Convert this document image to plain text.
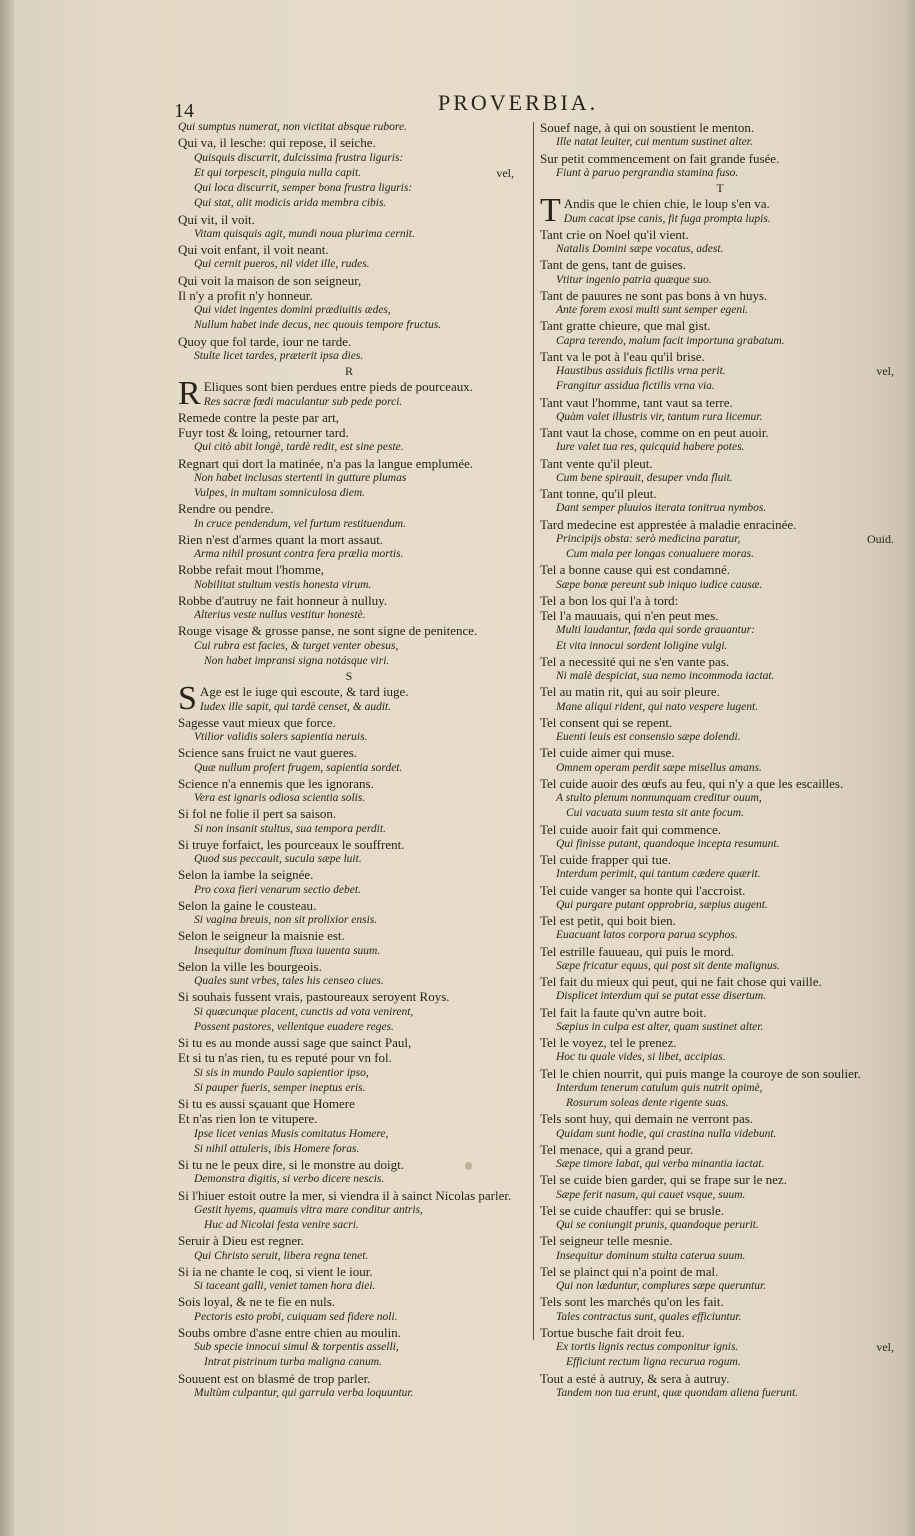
14	PROVERBIA.
Qui sumptus numerat, non victitat absque rubore.
Qui va, il lesche: qui repose, il seiche.
Quisquis discurrit, dulcissima frustra liguris:
vel,
Et qui torpescit, pinguia nulla capit.
Qui loca discurrit, semper bona frustra liguris:
Qui stat, alit modicis arida membra cibis.
Qui vit, il voit.
Vitam quisquis agit, mundi noua plurima cernit.
Qui voit enfant, il voit neant.
Qui cernit pueros, nil videt ille, rudes.
Qui voit la maison de son seigneur,
Il n'y a profit n'y honneur.
Qui videt ingentes domini prædiuitis ædes,
Nullum habet inde decus, nec quouis tempore fructus.
Quoy que fol tarde, iour ne tarde.
Stulte licet tardes, præterit ipsa dies.
R
R Eliques sont bien perdues entre pieds de pourceaux.
Res sacræ fœdi maculantur sub pede porci.
Remede contre la peste par art,
Fuyr tost & loing, retourner tard.
Qui citò abit longè, tardè redit, est sine peste.
Regnart qui dort la matinée, n'a pas la langue emplumée.
Non habet inclusas stertenti in gutture plumas
Vulpes, in multam somniculosa diem.
Rendre ou pendre.
In cruce pendendum, vel furtum restituendum.
Rien n'est d'armes quant la mort assaut.
Arma nihil prosunt contra fera prælia mortis.
Robbe refait mout l'homme,
Nobilitat stultum vestis honesta virum.
Robbe d'autruy ne fait honneur à nulluy.
Alterius veste nullus vestitur honestè.
Rouge visage & grosse panse, ne sont signe de penitence.
Cui rubra est facies, & turget venter obesus,
Non habet impransi signa notásque viri.
S
S Age est le iuge qui escoute, & tard iuge.
Iudex ille sapit, qui tardè censet, & audit.
Sagesse vaut mieux que force.
Vtilior validis solers sapientia neruis.
Science sans fruict ne vaut gueres.
Quæ nullum profert frugem, sapientia sordet.
Science n'a ennemis que les ignorans.
Vera est ignaris odiosa scientia solis.
Si fol ne folie il pert sa saison.
Si non insanit stultus, sua tempora perdit.
Si truye forfaict, les pourceaux le souffrent.
Quod sus peccauit, sucula sæpe luit.
Selon la iambe la seignée.
Pro coxa fieri venarum sectio debet.
Selon la gaine le cousteau.
Si vagina breuis, non sit prolixior ensis.
Selon le seigneur la maisnie est.
Insequitur dominum fluxa iuuenta suum.
Selon la ville les bourgeois.
Quales sunt vrbes, tales his censeo ciues.
Si souhais fussent vrais, pastoureaux seroyent Roys.
Si quæcunque placent, cunctis ad vota venirent,
Possent pastores, vellentque euadere reges.
Si tu es au monde aussi sage que sainct Paul,
Et si tu n'as rien, tu es reputé pour vn fol.
Si sis in mundo Paulo sapientior ipso,
Si pauper fueris, semper ineptus eris.
Si tu es aussi sçauant que Homere
Et n'as rien lon te vitupere.
Ipse licet venias Musis comitatus Homere,
Si nihil attuleris, ibis Homere foras.
Si tu ne le peux dire, si le monstre au doigt.
Demonstra digitis, si verbo dicere nescis.
Si l'hiuer estoit outre la mer, si viendra il à sainct Nicolas parler.
Gestit hyems, quamuis vltra mare conditur antris,
Huc ad Nicolai festa venire sacri.
Seruir à Dieu est regner.
Qui Christo seruit, libera regna tenet.
Si ia ne chante le coq, si vient le iour.
Si taceant galli, veniet tamen hora diei.
Sois loyal, & ne te fie en nuls.
Pectoris esto probi, cuiquam sed fidere noli.
Soubs ombre d'asne entre chien au moulin.
Sub specie innocui simul & torpentis asselli,
Intrat pistrinum turba maligna canum.
Souuent est on blasmé de trop parler.
Multùm culpantur, qui garrula verba loquuntur.
Souef nage, à qui on soustient le menton.
Ille natat leuiter, cui mentum sustinet alter.
Sur petit commencement on fait grande fusée.
Fiunt à paruo pergrandia stamina fuso.
T
T Andis que le chien chie, le loup s'en va.
Dum cacat ipse canis, fit fuga prompta lupis.
Tant crie on Noel qu'il vient.
Natalis Domini sæpe vocatus, adest.
Tant de gens, tant de guises.
Vtitur ingenio patria quæque suo.
Tant de pauures ne sont pas bons à vn huys.
Ante forem exosi multi sunt semper egeni.
Tant gratte chieure, que mal gist.
Capra terendo, malum facit importuna grabatum.
Tant va le pot à l'eau qu'il brise.
vel,
Haustibus assiduis fictilis vrna perit.
Frangitur assidua fictilis vrna via.
Tant vaut l'homme, tant vaut sa terre.
Quàm valet illustris vir, tantum rura licemur.
Tant vaut la chose, comme on en peut auoir.
Iure valet tua res, quicquid habere potes.
Tant vente qu'il pleut.
Cum bene spirauit, desuper vnda fluit.
Tant tonne, qu'il pleut.
Dant semper pluuios iterata tonitrua nymbos.
Tard medecine est apprestée à maladie enracinée.
Ouid.
Principijs obsta: serò medicina paratur,
Cum mala per longas conualuere moras.
Tel a bonne cause qui est condamné.
Sæpe bonæ pereunt sub iniquo iudice causæ.
Tel a bon los qui l'a à tord:
Tel l'a mauuais, qui n'en peut mes.
Multi laudantur, fœda qui sorde grauantur:
Et vita innocui sordent loligine vulgi.
Tel a necessité qui ne s'en vante pas.
Ni malè despiciat, sua nemo incommoda iactat.
Tel au matin rit, qui au soir pleure.
Mane aliqui rident, qui nato vespere lugent.
Tel consent qui se repent.
Euenti leuis est consensio sæpe dolendi.
Tel cuide aimer qui muse.
Omnem operam perdit sæpe misellus amans.
Tel cuide auoir des œufs au feu, qui n'y a que les escailles.
A stulto plenum nonnunquam creditur ouum,
Cui vacuata suum testa sit ante focum.
Tel cuide auoir fait qui commence.
Qui finisse putant, quandoque incepta resumunt.
Tel cuide frapper qui tue.
Interdum perimit, qui tantum cædere quærit.
Tel cuide vanger sa honte qui l'accroist.
Qui purgare putant opprobria, sæpius augent.
Tel est petit, qui boit bien.
Euacuant latos corpora parua scyphos.
Tel estrille fauueau, qui puis le mord.
Sæpe fricatur equus, qui post sit dente malignus.
Tel fait du mieux qui peut, qui ne fait chose qui vaille.
Displicet interdum qui se putat esse disertum.
Tel fait la faute qu'vn autre boit.
Sæpius in culpa est alter, quam sustinet alter.
Tel le voyez, tel le prenez.
Hoc tu quale vides, si libet, accipias.
Tel le chien nourrit, qui puis mange la couroye de son soulier.
Interdum tenerum catulum quis nutrit opimè,
Rosurum soleas dente rigente suas.
Tels sont huy, qui demain ne verront pas.
Quidam sunt hodie, qui crastina nulla videbunt.
Tel menace, qui a grand peur.
Sæpe timore labat, qui verba minantia iactat.
Tel se cuide bien garder, qui se frape sur le nez.
Sæpe ferit nasum, qui cauet vsque, suum.
Tel se cuide chauffer: qui se brusle.
Qui se coniungit prunis, quandoque perurit.
Tel seigneur telle mesnie.
Insequitur dominum stulta caterua suum.
Tel se plainct qui n'a point de mal.
Qui non læduntur, complures sæpe queruntur.
Tels sont les marchés qu'on les fait.
Tales contractus sunt, quales efficiuntur.
Tortue busche fait droit feu.
vel,
Ex tortis lignis rectus componitur ignis.
Efficiunt rectum ligna recurua rogum.
Tout a esté à autruy, & sera à autruy.
Tandem non tua erunt, quæ quondam aliena fuerunt.
